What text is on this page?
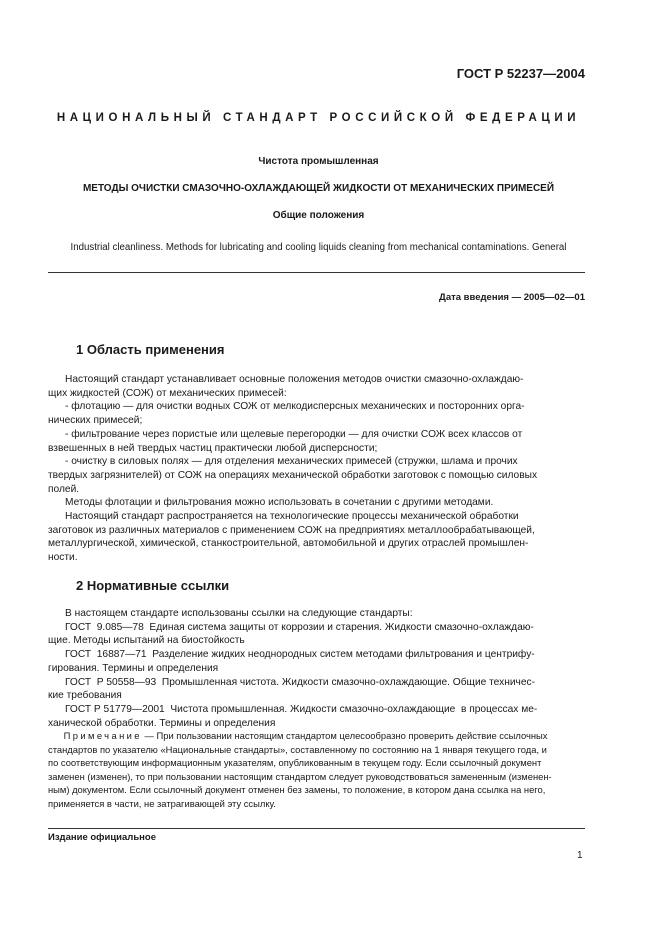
ГОСТ Р 52237—2004
НАЦИОНАЛЬНЫЙ СТАНДАРТ РОССИЙСКОЙ ФЕДЕРАЦИИ
Чистота промышленная
МЕТОДЫ ОЧИСТКИ СМАЗОЧНО-ОХЛАЖДАЮЩЕЙ ЖИДКОСТИ ОТ МЕХАНИЧЕСКИХ ПРИМЕСЕЙ
Общие положения
Industrial cleanliness. Methods for lubricating and cooling liquids cleaning from mechanical contaminations. General
Дата введения — 2005—02—01
1 Область применения
Настоящий стандарт устанавливает основные положения методов очистки смазочно-охлаждаю-
щих жидкостей (СОЖ) от механических примесей:
- флотацию — для очистки водных СОЖ от мелкодисперсных механических и посторонних орга-
нических примесей;
- фильтрование через пористые или щелевые перегородки — для очистки СОЖ всех классов от
взвешенных в ней твердых частиц практически любой дисперсности;
- очистку в силовых полях — для отделения механических примесей (стружки, шлама и прочих
твердых загрязнителей) от СОЖ на операциях механической обработки заготовок с помощью силовых
полей.
Методы флотации и фильтрования можно использовать в сочетании с другими методами.
Настоящий стандарт распространяется на технологические процессы механической обработки
заготовок из различных материалов с применением СОЖ на предприятиях металлообрабатывающей,
металлургической, химической, станкостроительной, автомобильной и других отраслей промышлен-
ности.
2 Нормативные ссылки
В настоящем стандарте использованы ссылки на следующие стандарты:
ГОСТ  9.085—78  Единая система защиты от коррозии и старения. Жидкости смазочно-охлаждаю-
щие. Методы испытаний на биостойкость
ГОСТ  16887—71  Разделение жидких неоднородных систем методами фильтрования и центрифу-
гирования. Термины и определения
ГОСТ  Р 50558—93  Промышленная чистота. Жидкости смазочно-охлаждающие. Общие техничес-
кие требования
ГОСТ Р 51779—2001  Чистота промышленная. Жидкости смазочно-охлаждающие  в процессах ме-
ханической обработки. Термины и определения
Примечание — При пользовании настоящим стандартом целесообразно проверить действие ссылочных
стандартов по указателю «Национальные стандарты», составленному по состоянию на 1 января текущего года, и
по соответствующим информационным указателям, опубликованным в текущем году. Если ссылочный документ
заменен (изменен), то при пользовании настоящим стандартом следует руководствоваться замененным (изменен-
ным) документом. Если ссылочный документ отменен без замены, то положение, в котором дана ссылка на него,
применяется в части, не затрагивающей эту ссылку.
Издание официальное
1
